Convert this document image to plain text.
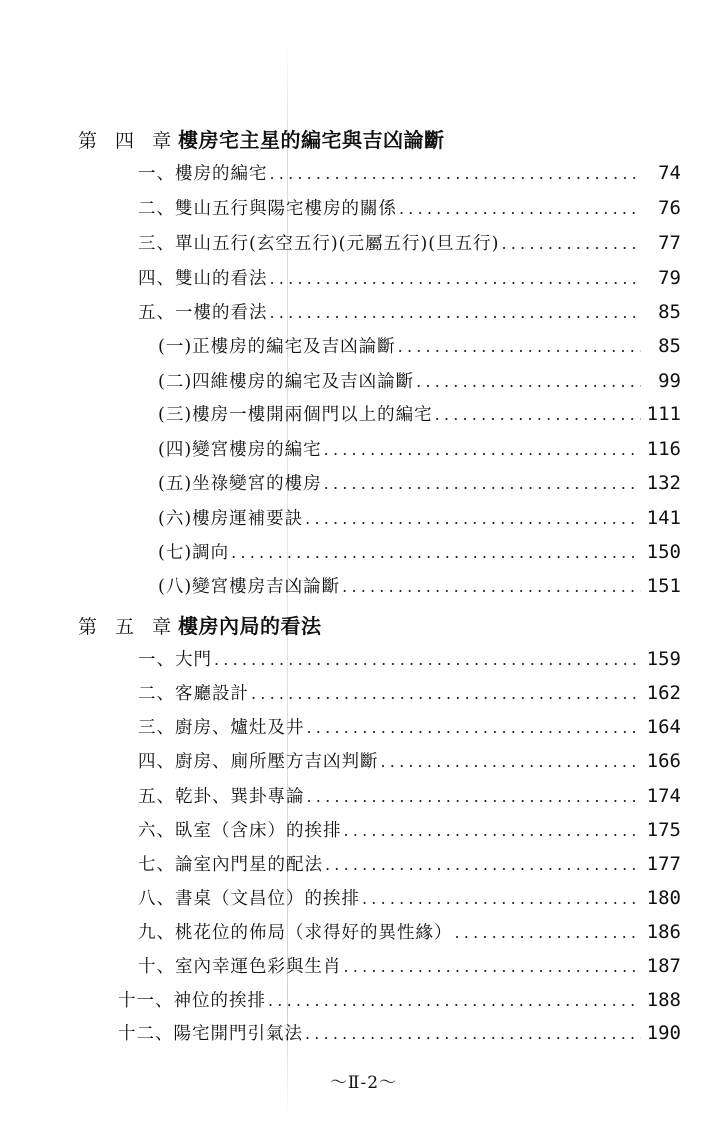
第 四 章：
樓房宅主星的編宅與吉凶論斷
一、樓房的編宅 .....	74
二、雙山五行與陽宅樓房的關係 .....	76
三、單山五行(玄空五行)(元屬五行)(旦五行) .....	77
四、雙山的看法 .....	79
五、一樓的看法 .....	85
(一)正樓房的編宅及吉凶論斷 .....	85
(二)四維樓房的編宅及吉凶論斷 .....	99
(三)樓房一樓開兩個門以上的編宅 .....	111
(四)變宮樓房的編宅 .....	116
(五)坐祿變宮的樓房 .....	132
(六)樓房運補要訣 .....	141
(七)調向 .....	150
(八)變宮樓房吉凶論斷 .....	151
第 五 章：
樓房內局的看法
一、大門 .....	159
二、客廳設計 .....	162
三、廚房、爐灶及井 .....	164
四、廚房、廁所壓方吉凶判斷 .....	166
五、乾卦、巽卦專論 .....	174
六、臥室（含床）的挨排 .....	175
七、論室內門星的配法 .....	177
八、書桌（文昌位）的挨排 .....	180
九、桃花位的佈局（求得好的異性緣） .....	186
十、室內幸運色彩與生肖 .....	187
十一、神位的挨排 .....	188
十二、陽宅開門引氣法 .....	190
～Ⅱ-2～
